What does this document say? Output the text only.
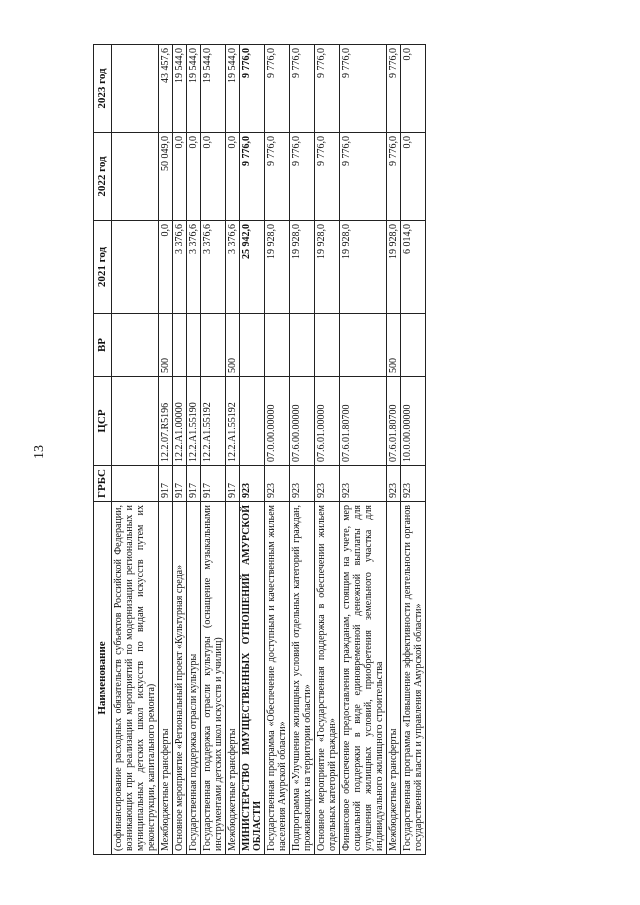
13
Наименование	ГРБС	ЦСР	ВР	2021 год	2022 год	2023 год
(софинансирование расходных обязательств субъектов Российской Федерации, возникающих при реализации мероприятий по модернизации региональных и муниципальных детских школ искусств по видам искусств путем их реконструкции, капитального ремонта)						
Межбюджетные трансферты	917	12.2.07.R5196	500	0,0	50 049,0	43 457,6
Основное мероприятие «Региональный проект «Культурная среда»	917	12.2.A1.00000		3 376,6	0,0	19 544,0
Государственная поддержка отрасли культуры	917	12.2.A1.55190		3 376,6	0,0	19 544,0
Государственная поддержка отрасли культуры (оснащение музыкальными инструментами детских школ искусств и училищ)	917	12.2.A1.55192		3 376,6	0,0	19 544,0
Межбюджетные трансферты	917	12.2.A1.55192	500	3 376,6	0,0	19 544,0
МИНИСТЕРСТВО ИМУЩЕСТВЕННЫХ ОТНОШЕНИЙ АМУРСКОЙ ОБЛАСТИ	923			25 942,0	9 776,0	9 776,0
Государственная программа «Обеспечение доступным и качественным жильем населения Амурской области»	923	07.0.00.00000		19 928,0	9 776,0	9 776,0
Подпрограмма «Улучшение жилищных условий отдельных категорий граждан, проживающих на территории области»	923	07.6.00.00000		19 928,0	9 776,0	9 776,0
Основное мероприятие «Государственная поддержка в обеспечении жильем отдельных категорий граждан»	923	07.6.01.00000		19 928,0	9 776,0	9 776,0
Финансовое обеспечение предоставления гражданам, стоящим на учете, мер социальной поддержки в виде единовременной денежной выплаты для улучшения жилищных условий, приобретения земельного участка для индивидуального жилищного строительства	923	07.6.01.80700		19 928,0	9 776,0	9 776,0
Межбюджетные трансферты	923	07.6.01.80700	500	19 928,0	9 776,0	9 776,0
Государственная программа «Повышение эффективности деятельности органов государственной власти и управления Амурской области»	923	10.0.00.00000		6 014,0	0,0	0,0
